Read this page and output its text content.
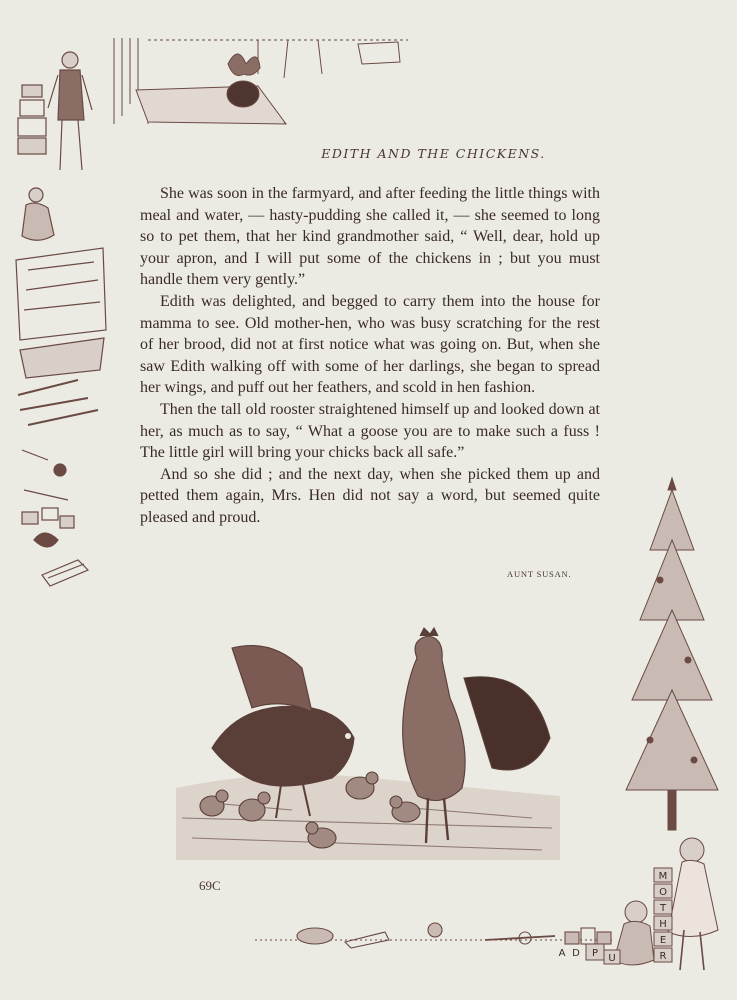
EDITH AND THE CHICKENS.

She was soon in the farmyard, and after feeding the little things with meal and water, — hasty-pudding she called it, — she seemed to long so to pet them, that her kind grandmother said, “ Well, dear, hold up your apron, and I will put some of the chickens in ; but you must handle them very gently.”

Edith was delighted, and begged to carry them into the house for mamma to see. Old mother-hen, who was busy scratching for the rest of her brood, did not at first notice what was going on. But, when she saw Edith walking off with some of her darlings, she began to spread her wings, and puff out her feathers, and scold in hen fashion.

Then the tall old rooster straightened himself up and looked down at her, as much as to say, “ What a goose you are to make such a fuss ! The little girl will bring your chicks back all safe.”

And so she did ; and the next day, when she picked them up and petted them again, Mrs. Hen did not say a word, but seemed quite pleased and proud.

AUNT SUSAN.
M
O
T
H
E
R
P U
D
A
69C
